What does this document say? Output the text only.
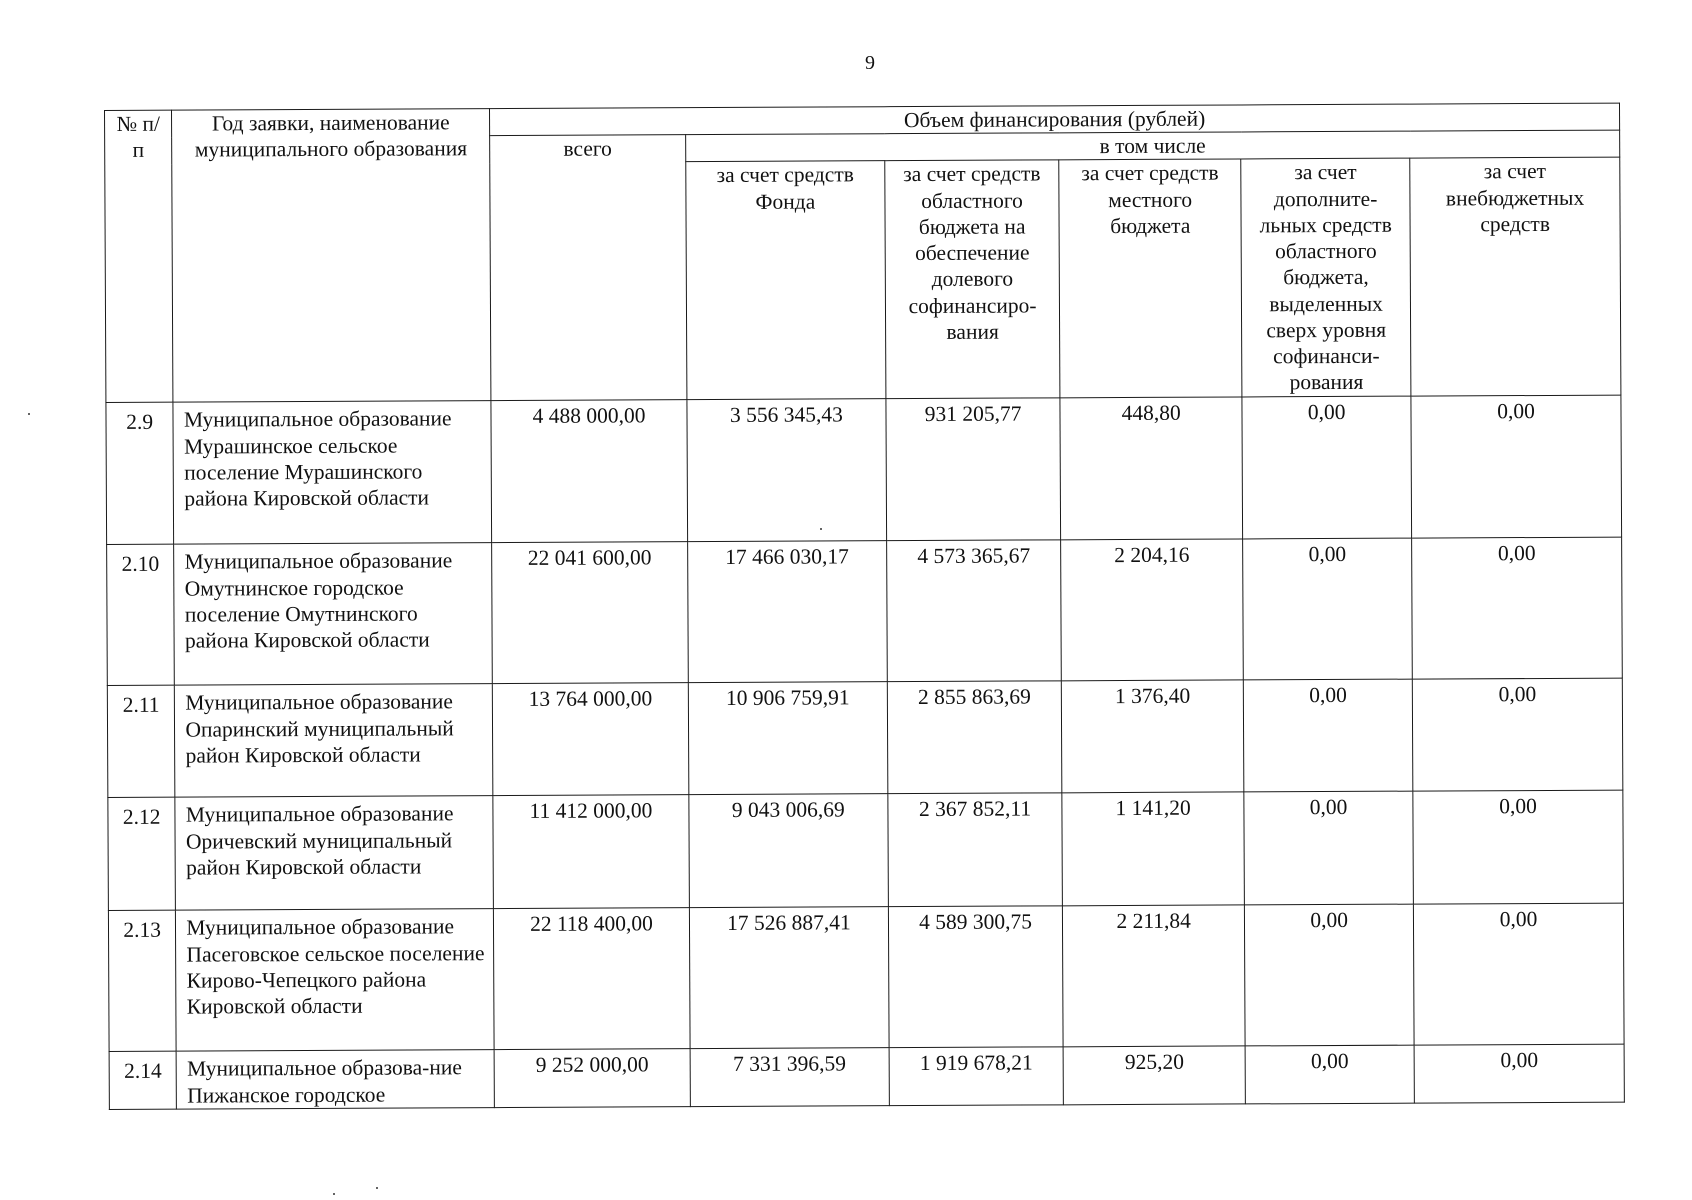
9
№ п/п	Год заявки, наименование муниципального образования	Объем финансирования (рублей)					
		всего	в том числе				
			за счет средств Фонда	за счет средств областного бюджета на обеспечение долевого софинансиро-вания	за счет средств местного бюджета	за счет дополните-льных средств областного бюджета, выделенных сверх уровня софинанси-рования	за счет внебюджетных средств
2.9	Муниципальное образование Мурашинское сельское поселение Мурашинского района Кировской области	4 488 000,00	3 556 345,43	931 205,77	448,80	0,00	0,00
2.10	Муниципальное образование Омутнинское городское поселение Омутнинского района Кировской области	22 041 600,00	17 466 030,17	4 573 365,67	2 204,16	0,00	0,00
2.11	Муниципальное образование Опаринский муниципальный район Кировской области	13 764 000,00	10 906 759,91	2 855 863,69	1 376,40	0,00	0,00
2.12	Муниципальное образование Оричевский муниципальный район Кировской области	11 412 000,00	9 043 006,69	2 367 852,11	1 141,20	0,00	0,00
2.13	Муниципальное образование Пасеговское сельское поселение Кирово-Чепецкого района Кировской области	22 118 400,00	17 526 887,41	4 589 300,75	2 211,84	0,00	0,00
2.14	Муниципальное образова-ние Пижанское городское	9 252 000,00	7 331 396,59	1 919 678,21	925,20	0,00	0,00
